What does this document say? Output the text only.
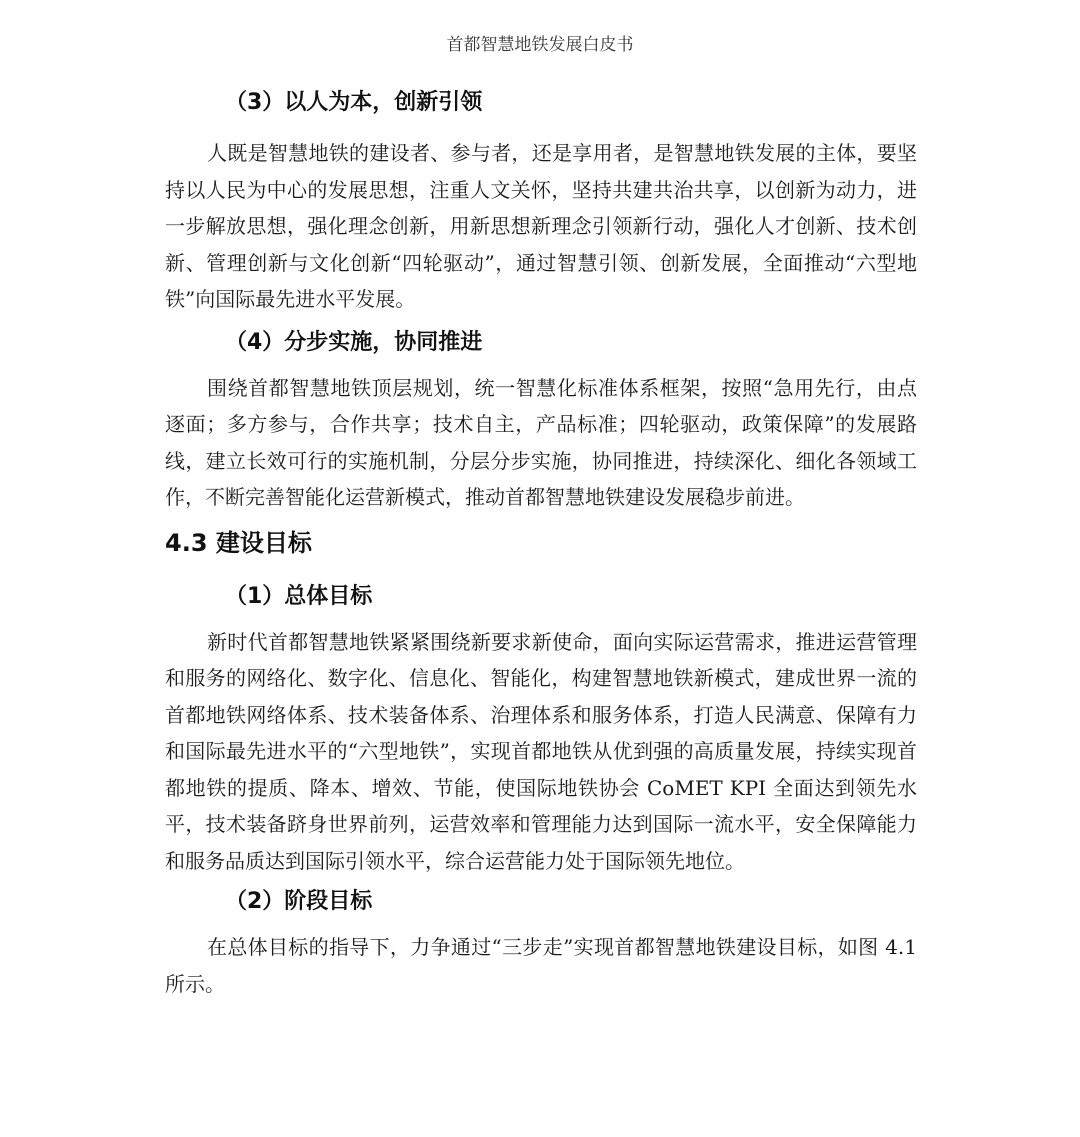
首都智慧地铁发展白皮书
（3）以人为本，创新引领

人既是智慧地铁的建设者、参与者，还是享用者，是智慧地铁发展的主体，要坚持以人民为中心的发展思想，注重人文关怀，坚持共建共治共享，以创新为动力，进一步解放思想，强化理念创新，用新思想新理念引领新行动，强化人才创新、技术创新、管理创新与文化创新“四轮驱动”，通过智慧引领、创新发展，全面推动“六型地铁”向国际最先进水平发展。

（4）分步实施，协同推进

围绕首都智慧地铁顶层规划，统一智慧化标准体系框架，按照“急用先行，由点逐面；多方参与，合作共享；技术自主，产品标准；四轮驱动，政策保障”的发展路线，建立长效可行的实施机制，分层分步实施，协同推进，持续深化、细化各领域工作，不断完善智能化运营新模式，推动首都智慧地铁建设发展稳步前进。

4.3 建设目标
（1）总体目标

新时代首都智慧地铁紧紧围绕新要求新使命，面向实际运营需求，推进运营管理和服务的网络化、数字化、信息化、智能化，构建智慧地铁新模式，建成世界一流的首都地铁网络体系、技术装备体系、治理体系和服务体系，打造人民满意、保障有力和国际最先进水平的“六型地铁”，实现首都地铁从优到强的高质量发展，持续实现首都地铁的提质、降本、增效、节能，使国际地铁协会 CoMET KPI 全面达到领先水平，技术装备跻身世界前列，运营效率和管理能力达到国际一流水平，安全保障能力和服务品质达到国际引领水平，综合运营能力处于国际领先地位。

（2）阶段目标

在总体目标的指导下，力争通过“三步走”实现首都智慧地铁建设目标，如图 4.1 所示。
